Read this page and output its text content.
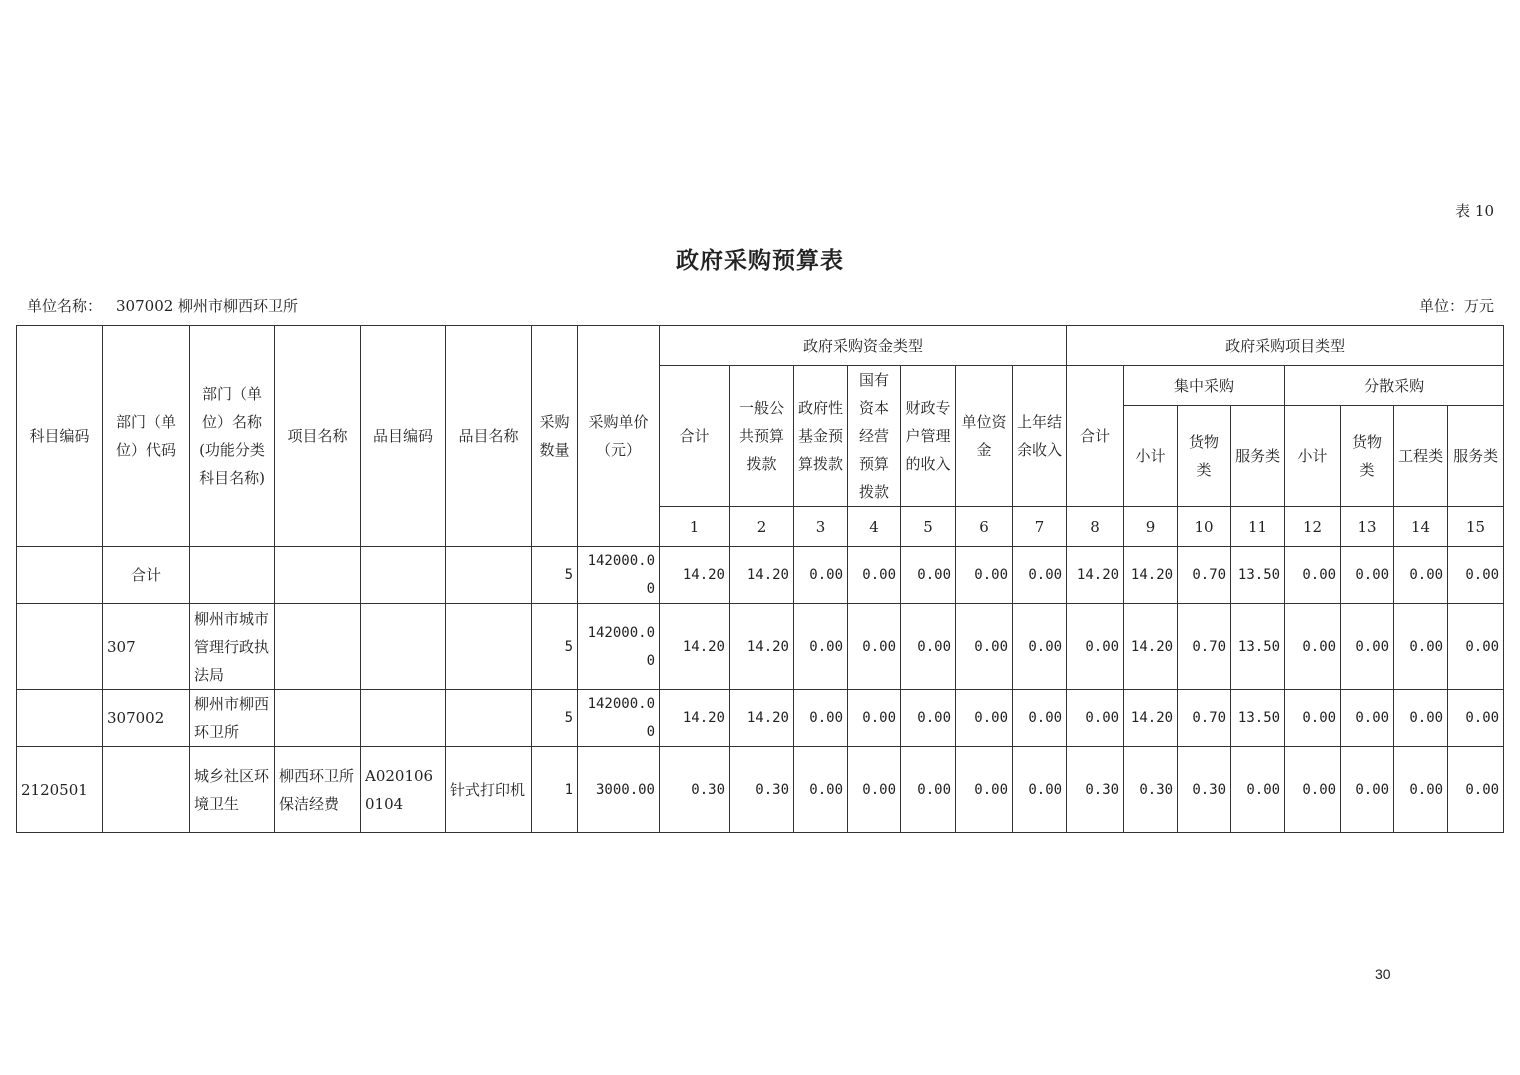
表 10
政府采购预算表
单位名称： 307002 柳州市柳西环卫所	单位：万元
科目编码	部门（单位）代码	部门（单位）名称(功能分类科目名称)	项目名称	品目编码	品目名称	采购数量	采购单价（元）	政府采购资金类型							政府采购项目类型							
								合计	一般公共预算拨款	政府性基金预算拨款	国有资本经营预算拨款	财政专户管理的收入	单位资金	上年结余收入	合计	集中采购			分散采购			
																小计	货物类	服务类	小计	货物类	工程类	服务类
								1	2	3	4	5	6	7	8	9	10	11	12	13	14	15
	合计					5	142000.00	14.20	14.20	0.00	0.00	0.00	0.00	0.00	14.20	14.20	0.70	13.50	0.00	0.00	0.00	0.00
	307	柳州市城市管理行政执法局				5	142000.00	14.20	14.20	0.00	0.00	0.00	0.00	0.00	0.00	14.20	0.70	13.50	0.00	0.00	0.00	0.00
	307002	柳州市柳西环卫所				5	142000.00	14.20	14.20	0.00	0.00	0.00	0.00	0.00	0.00	14.20	0.70	13.50	0.00	0.00	0.00	0.00
2120501		城乡社区环境卫生	柳西环卫所保洁经费	A0201060104	针式打印机	1	3000.00	0.30	0.30	0.00	0.00	0.00	0.00	0.00	0.30	0.30	0.30	0.00	0.00	0.00	0.00	0.00
30
